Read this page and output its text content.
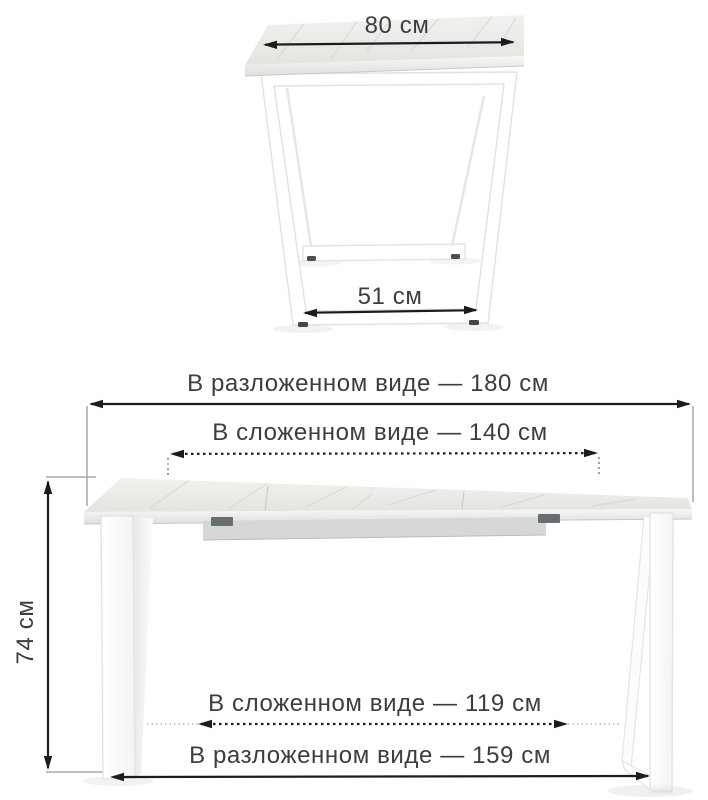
80 см
51 см
В разложенном виде — 180 см
В сложенном виде — 140 см
74 см
В сложенном виде — 119 см
В разложенном виде — 159 см
